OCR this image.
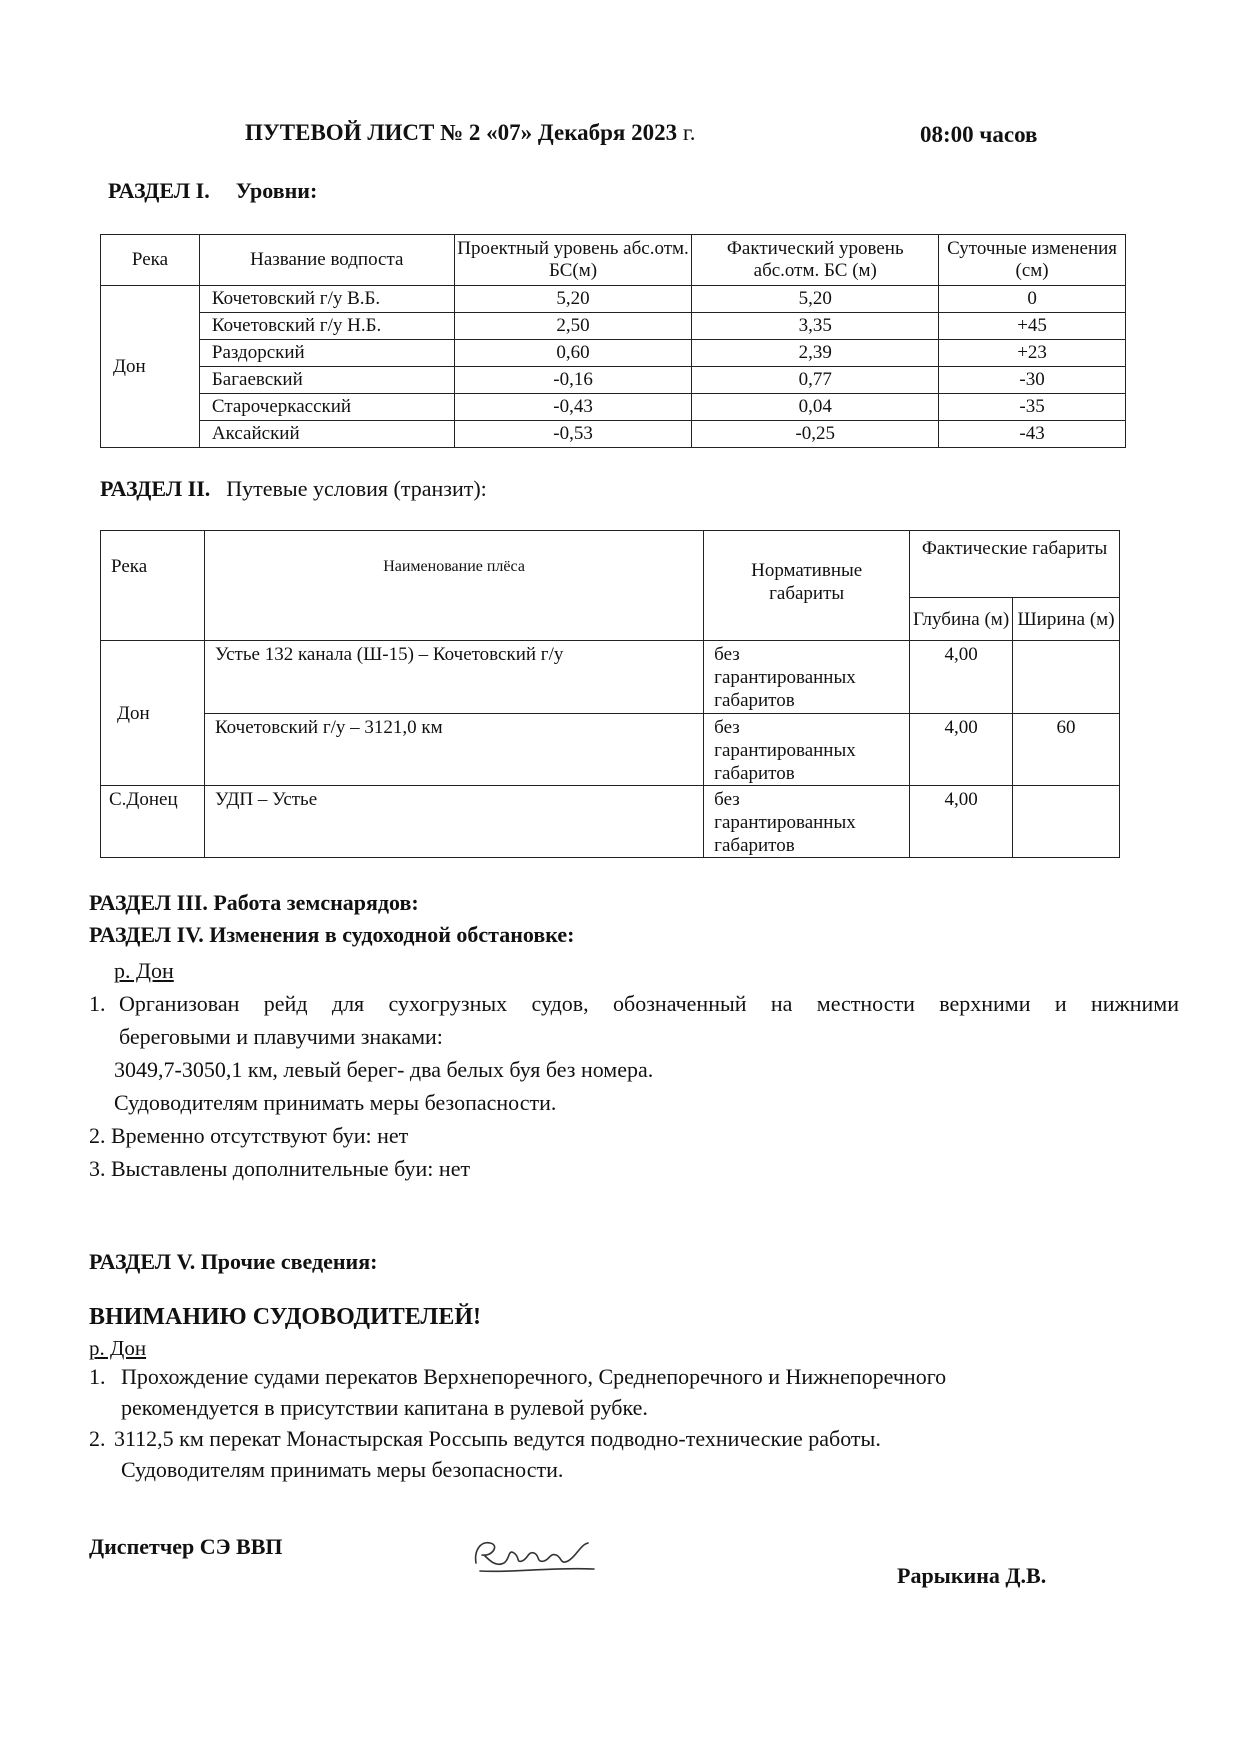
ПУТЕВОЙ ЛИСТ № 2 «07» Декабря 2023 г.	08:00 часов
РАЗДЕЛ I. Уровни:
Река	Название водпоста	Проектный уровень абс.отм. БС(м)	Фактический уровень абс.отм. БС (м)	Суточные изменения (см)
Дон	Кочетовский г/у В.Б.	5,20	5,20	0
	Кочетовский г/у Н.Б.	2,50	3,35	+45
	Раздорский	0,60	2,39	+23
	Багаевский	-0,16	0,77	-30
	Старочеркасский	-0,43	0,04	-35
	Аксайский	-0,53	-0,25	-43
РАЗДЕЛ II. Путевые условия (транзит):
Река	Наименование плёса	Нормативные габариты	Фактические габариты	
			Глубина (м)	Ширина (м)
Дон	Устье 132 канала (Ш-15) – Кочетовский г/у	без гарантированных габаритов	4,00	
	Кочетовский г/у – 3121,0 км	без гарантированных габаритов	4,00	60
С.Донец	УДП – Устье	без гарантированных габаритов	4,00	
РАЗДЕЛ III. Работа земснарядов:
РАЗДЕЛ IV. Изменения в судоходной обстановке:
р. Дон
1. Организован рейд для сухогрузных судов, обозначенный на местности верхними и нижними
береговыми и плавучими знаками:
3049,7-3050,1 км, левый берег- два белых буя без номера.
Судоводителям принимать меры безопасности.
2. Временно отсутствуют буи: нет
3. Выставлены дополнительные буи: нет
РАЗДЕЛ V. Прочие сведения:
ВНИМАНИЮ СУДОВОДИТЕЛЕЙ!
р. Дон
1. Прохождение судами перекатов Верхнепоречного, Среднепоречного и Нижнепоречного
рекомендуется в присутствии капитана в рулевой рубке.
2. 3112,5 км перекат Монастырская Россыпь ведутся подводно-технические работы.
Судоводителям принимать меры безопасности.
Диспетчер СЭ ВВП
Рарыкина Д.В.
